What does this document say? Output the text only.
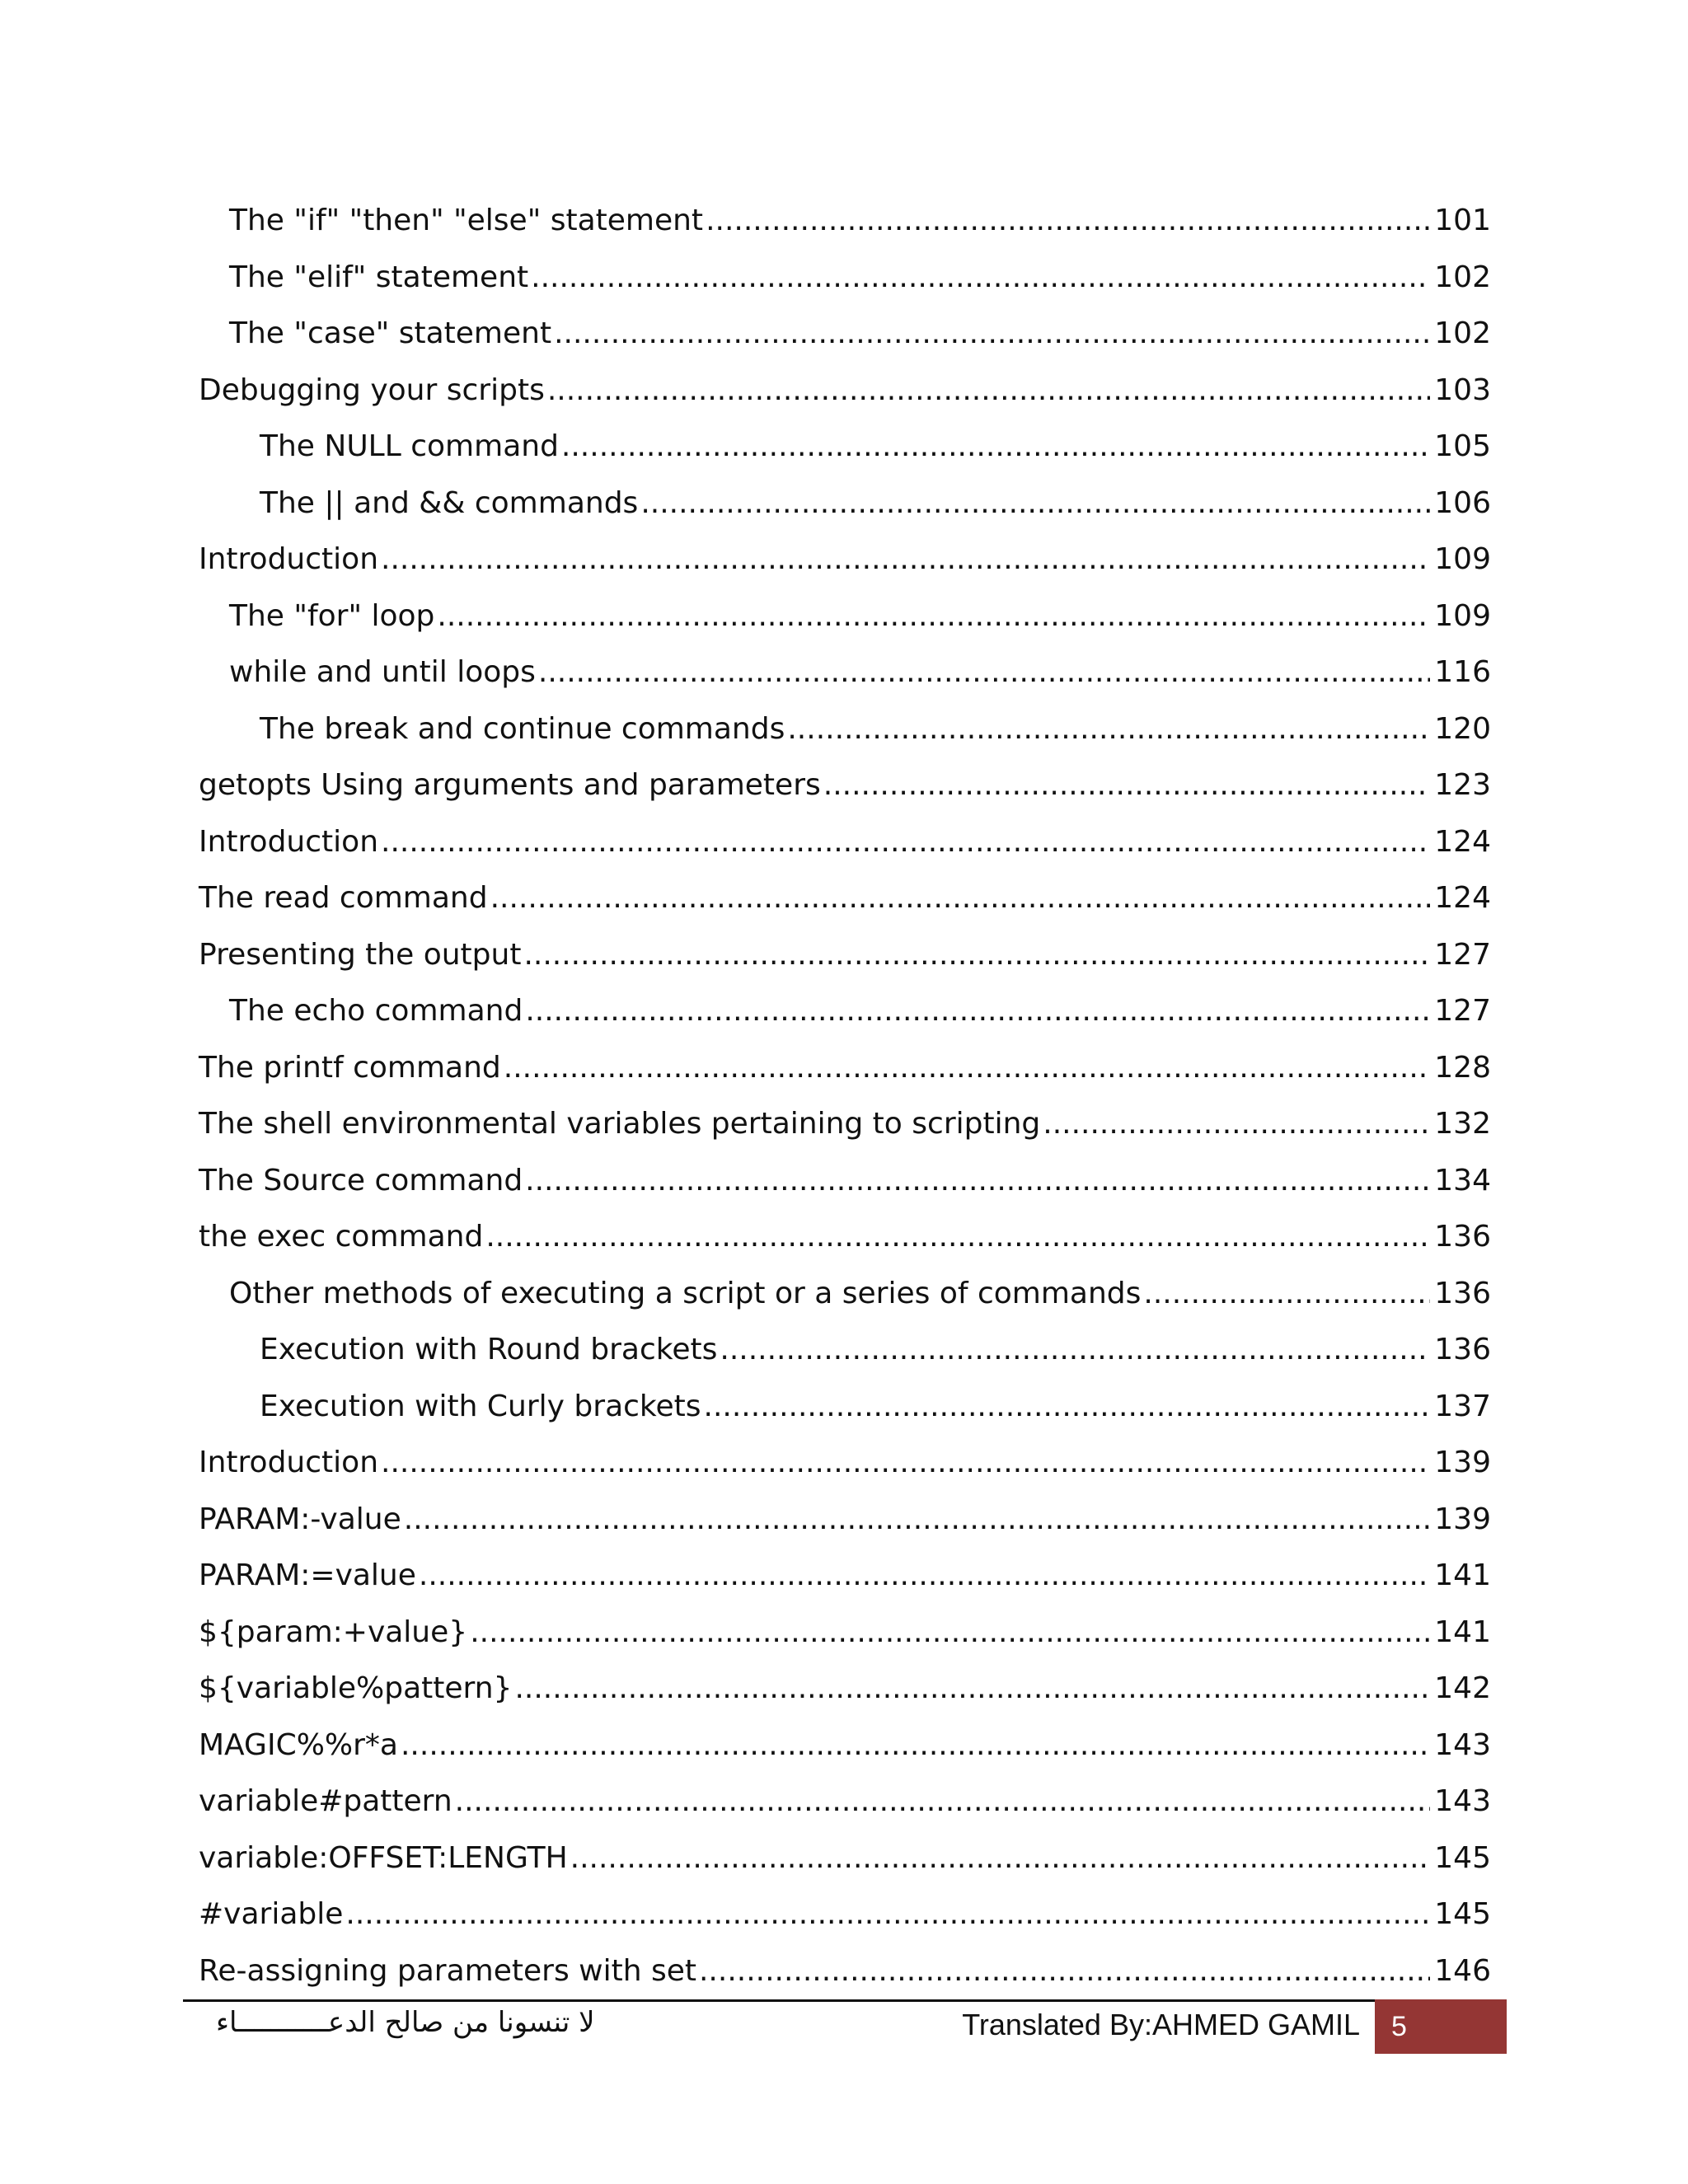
The "if" "then" "else" statement .....	101
The "elif" statement .....	102
The "case" statement .....	102
Debugging your scripts .....	103
The NULL command .....	105
The || and && commands .....	106
Introduction .....	109
The "for" loop .....	109
while and until loops .....	116
The break and continue commands .....	120
getopts Using arguments and parameters .....	123
Introduction .....	124
The read command .....	124
Presenting the output .....	127
The echo command .....	127
The printf command .....	128
The shell environmental variables pertaining to scripting .....	132
The Source command .....	134
the exec command .....	136
Other methods of executing a script or a series of commands .....	136
Execution with Round brackets .....	136
Execution with Curly brackets .....	137
Introduction .....	139
PARAM:-value .....	139
PARAM:=value .....	141
${param:+value} .....	141
${variable%pattern} .....	142
MAGIC%%r*a .....	143
variable#pattern .....	143
variable:OFFSET:LENGTH .....	145
#variable .....	145
Re-assigning parameters with set .....	146
لا تنسونا من صالح الدعـــــــــــاء	Translated By:AHMED GAMIL 5
